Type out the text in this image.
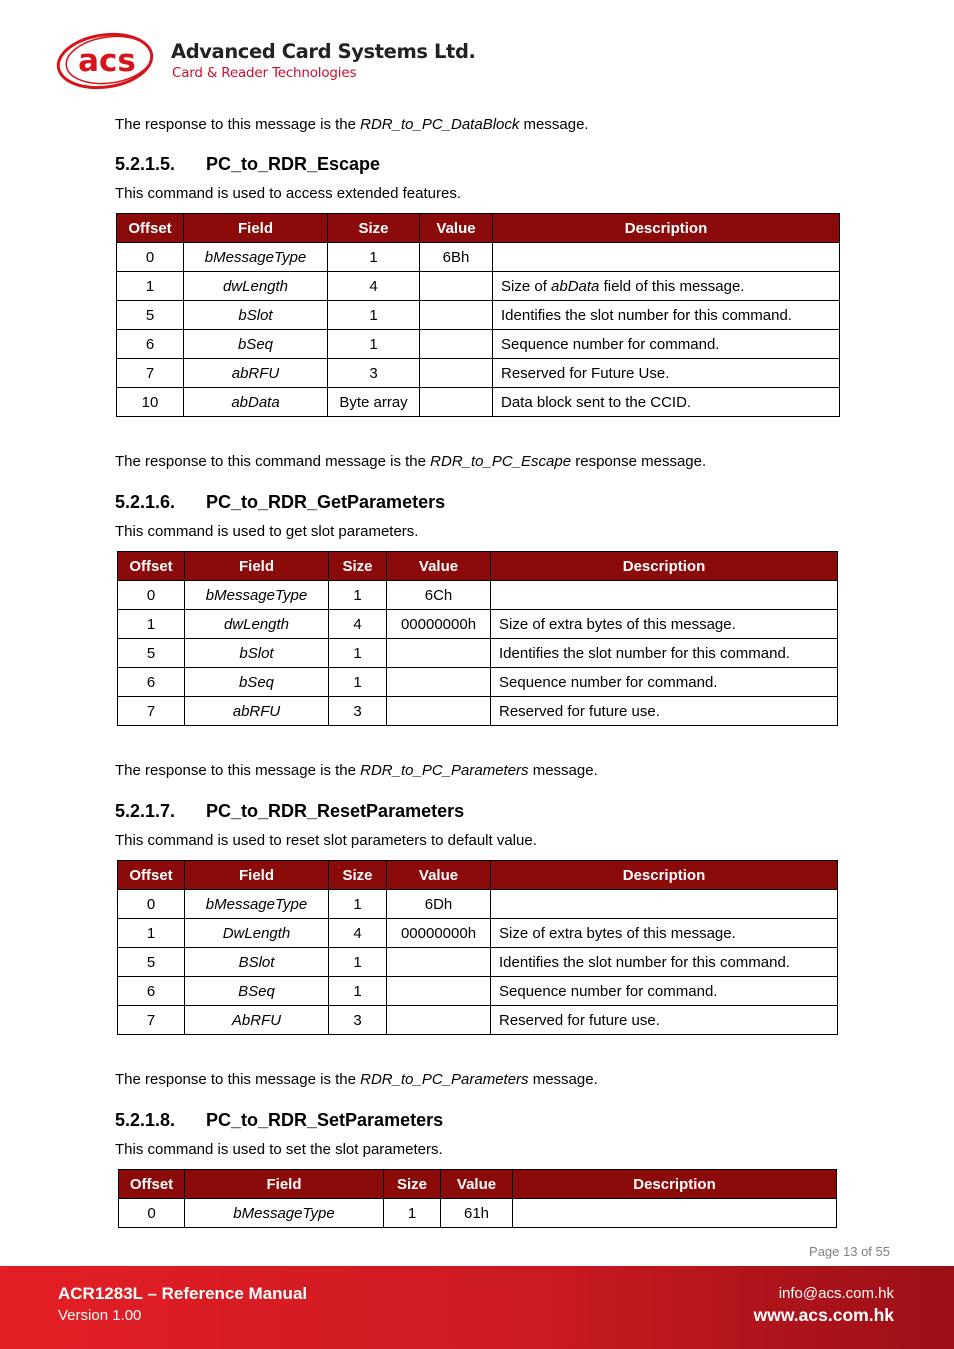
acs Advanced Card Systems Ltd.
Card & Reader Technologies
The response to this message is the RDR_to_PC_DataBlock message.
5.2.1.5. PC_to_RDR_Escape
This command is used to access extended features.
Offset	Field	Size	Value	Description
0	bMessageType	1	6Bh	
1	dwLength	4		Size of abData field of this message.
5	bSlot	1		Identifies the slot number for this command.
6	bSeq	1		Sequence number for command.
7	abRFU	3		Reserved for Future Use.
10	abData	Byte array		Data block sent to the CCID.
The response to this command message is the RDR_to_PC_Escape response message.
5.2.1.6. PC_to_RDR_GetParameters
This command is used to get slot parameters.
Offset	Field	Size	Value	Description
0	bMessageType	1	6Ch	
1	dwLength	4	00000000h	Size of extra bytes of this message.
5	bSlot	1		Identifies the slot number for this command.
6	bSeq	1		Sequence number for command.
7	abRFU	3		Reserved for future use.
The response to this message is the RDR_to_PC_Parameters message.
5.2.1.7. PC_to_RDR_ResetParameters
This command is used to reset slot parameters to default value.
Offset	Field	Size	Value	Description
0	bMessageType	1	6Dh	
1	DwLength	4	00000000h	Size of extra bytes of this message.
5	BSlot	1		Identifies the slot number for this command.
6	BSeq	1		Sequence number for command.
7	AbRFU	3		Reserved for future use.
The response to this message is the RDR_to_PC_Parameters message.
5.2.1.8. PC_to_RDR_SetParameters
This command is used to set the slot parameters.
Offset	Field	Size	Value	Description
0	bMessageType	1	61h	
Page 13 of 55
ACR1283L – Reference Manual
Version 1.00
info@acs.com.hk
www.acs.com.hk
